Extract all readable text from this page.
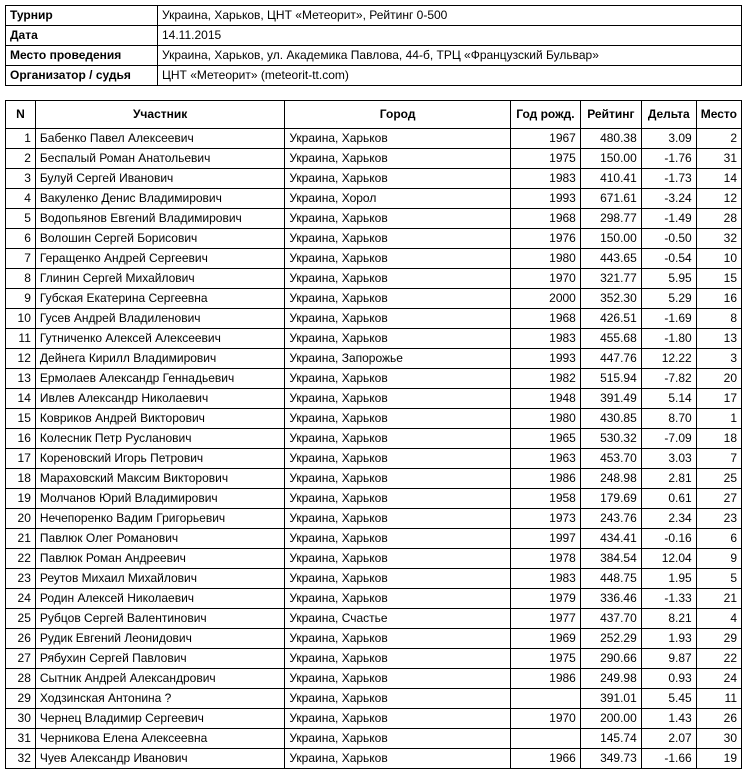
Турнир	Украина, Харьков, ЦНТ «Метеорит», Рейтинг 0-500
Дата	14.11.2015
Место проведения	Украина, Харьков, ул. Академика Павлова, 44-б, ТРЦ «Французский Бульвар»
Организатор / судья	ЦНТ «Метеорит» (meteorit-tt.com)
N	Участник	Город	Год рожд.	Рейтинг	Дельта	Место
1	Бабенко Павел Алексеевич	Украина, Харьков	1967	480.38	3.09	2
2	Беспалый Роман Анатольевич	Украина, Харьков	1975	150.00	-1.76	31
3	Булуй Сергей Иванович	Украина, Харьков	1983	410.41	-1.73	14
4	Вакуленко Денис Владимирович	Украина, Хорол	1993	671.61	-3.24	12
5	Водопьянов Евгений Владимирович	Украина, Харьков	1968	298.77	-1.49	28
6	Волошин Сергей Борисович	Украина, Харьков	1976	150.00	-0.50	32
7	Геращенко Андрей Сергеевич	Украина, Харьков	1980	443.65	-0.54	10
8	Глинин Сергей Михайлович	Украина, Харьков	1970	321.77	5.95	15
9	Губская Екатерина Сергеевна	Украина, Харьков	2000	352.30	5.29	16
10	Гусев Андрей Владиленович	Украина, Харьков	1968	426.51	-1.69	8
11	Гутниченко Алексей Алексеевич	Украина, Харьков	1983	455.68	-1.80	13
12	Дейнега Кирилл Владимирович	Украина, Запорожье	1993	447.76	12.22	3
13	Ермолаев Александр Геннадьевич	Украина, Харьков	1982	515.94	-7.82	20
14	Ивлев Александр Николаевич	Украина, Харьков	1948	391.49	5.14	17
15	Ковриков Андрей Викторович	Украина, Харьков	1980	430.85	8.70	1
16	Колесник Петр Русланович	Украина, Харьков	1965	530.32	-7.09	18
17	Кореновский Игорь Петрович	Украина, Харьков	1963	453.70	3.03	7
18	Мараховский Максим Викторович	Украина, Харьков	1986	248.98	2.81	25
19	Молчанов Юрий Владимирович	Украина, Харьков	1958	179.69	0.61	27
20	Нечепоренко Вадим Григорьевич	Украина, Харьков	1973	243.76	2.34	23
21	Павлюк Олег Романович	Украина, Харьков	1997	434.41	-0.16	6
22	Павлюк Роман Андреевич	Украина, Харьков	1978	384.54	12.04	9
23	Реутов Михаил Михайлович	Украина, Харьков	1983	448.75	1.95	5
24	Родин Алексей Николаевич	Украина, Харьков	1979	336.46	-1.33	21
25	Рубцов Сергей Валентинович	Украина, Счастье	1977	437.70	8.21	4
26	Рудик Евгений Леонидович	Украина, Харьков	1969	252.29	1.93	29
27	Рябухин Сергей Павлович	Украина, Харьков	1975	290.66	9.87	22
28	Сытник Андрей Александрович	Украина, Харьков	1986	249.98	0.93	24
29	Ходзинская Антонина ?	Украина, Харьков		391.01	5.45	11
30	Чернец Владимир Сергеевич	Украина, Харьков	1970	200.00	1.43	26
31	Черникова Елена Алексеевна	Украина, Харьков		145.74	2.07	30
32	Чуев Александр Иванович	Украина, Харьков	1966	349.73	-1.66	19
